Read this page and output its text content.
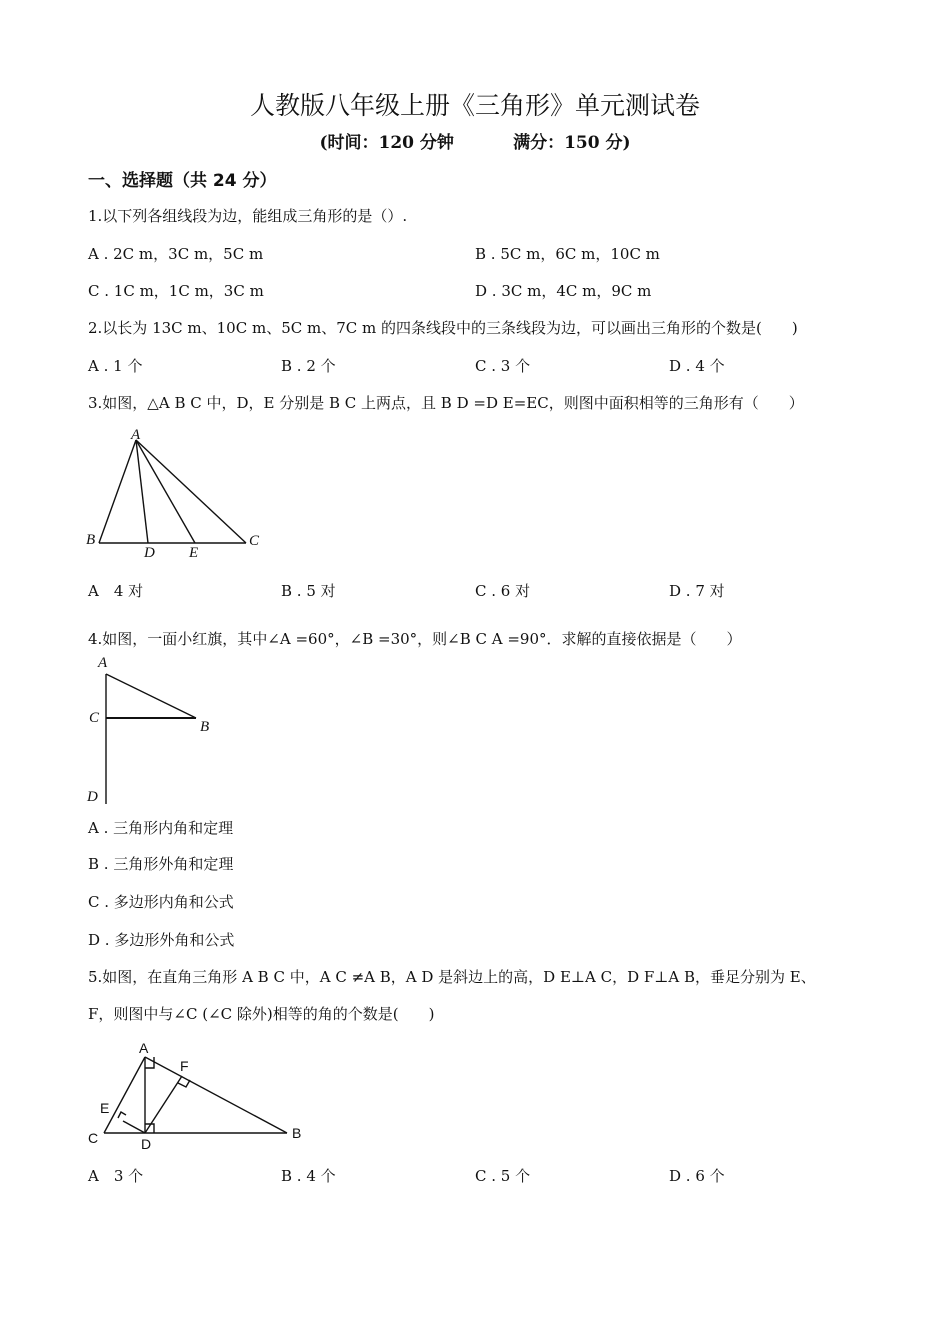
人教版八年级上册《三角形》单元测试卷
(时间：120 分钟	满分：150 分)
一、选择题（共 24 分）
1.以下列各组线段为边，能组成三角形的是（）.
A . 2C m，3C m，5C m	B . 5C m，6C m，10C m
C . 1C m，1C m，3C m	D . 3C m，4C m，9C m
2.以长为 13C m、10C m、5C m、7C m 的四条线段中的三条线段为边，可以画出三角形的个数是(　　)
A . 1 个	B . 2 个	C . 3 个	D . 4 个
3.如图，△A B C 中，D，E 分别是 B C 上两点，且 B D =D E=EC，则图中面积相等的三角形有（　　）
A
B	C
D E
A
B
C
D
A
B
C	D
E
F
A　4 对	B . 5 对	C . 6 对	D . 7 对
4.如图，一面小红旗，其中∠A =60°，∠B =30°，则∠B C A =90°．求解的直接依据是（　　）
A . 三角形内角和定理
B . 三角形外角和定理
C . 多边形内角和公式
D . 多边形外角和公式
5.如图，在直角三角形 A B C 中，A C ≠A B，A D 是斜边上的高，D E⊥A C，D F⊥A B，垂足分别为 E、
F，则图中与∠C (∠C 除外)相等的角的个数是(　　)
A　3 个	B . 4 个	C . 5 个	D . 6 个
